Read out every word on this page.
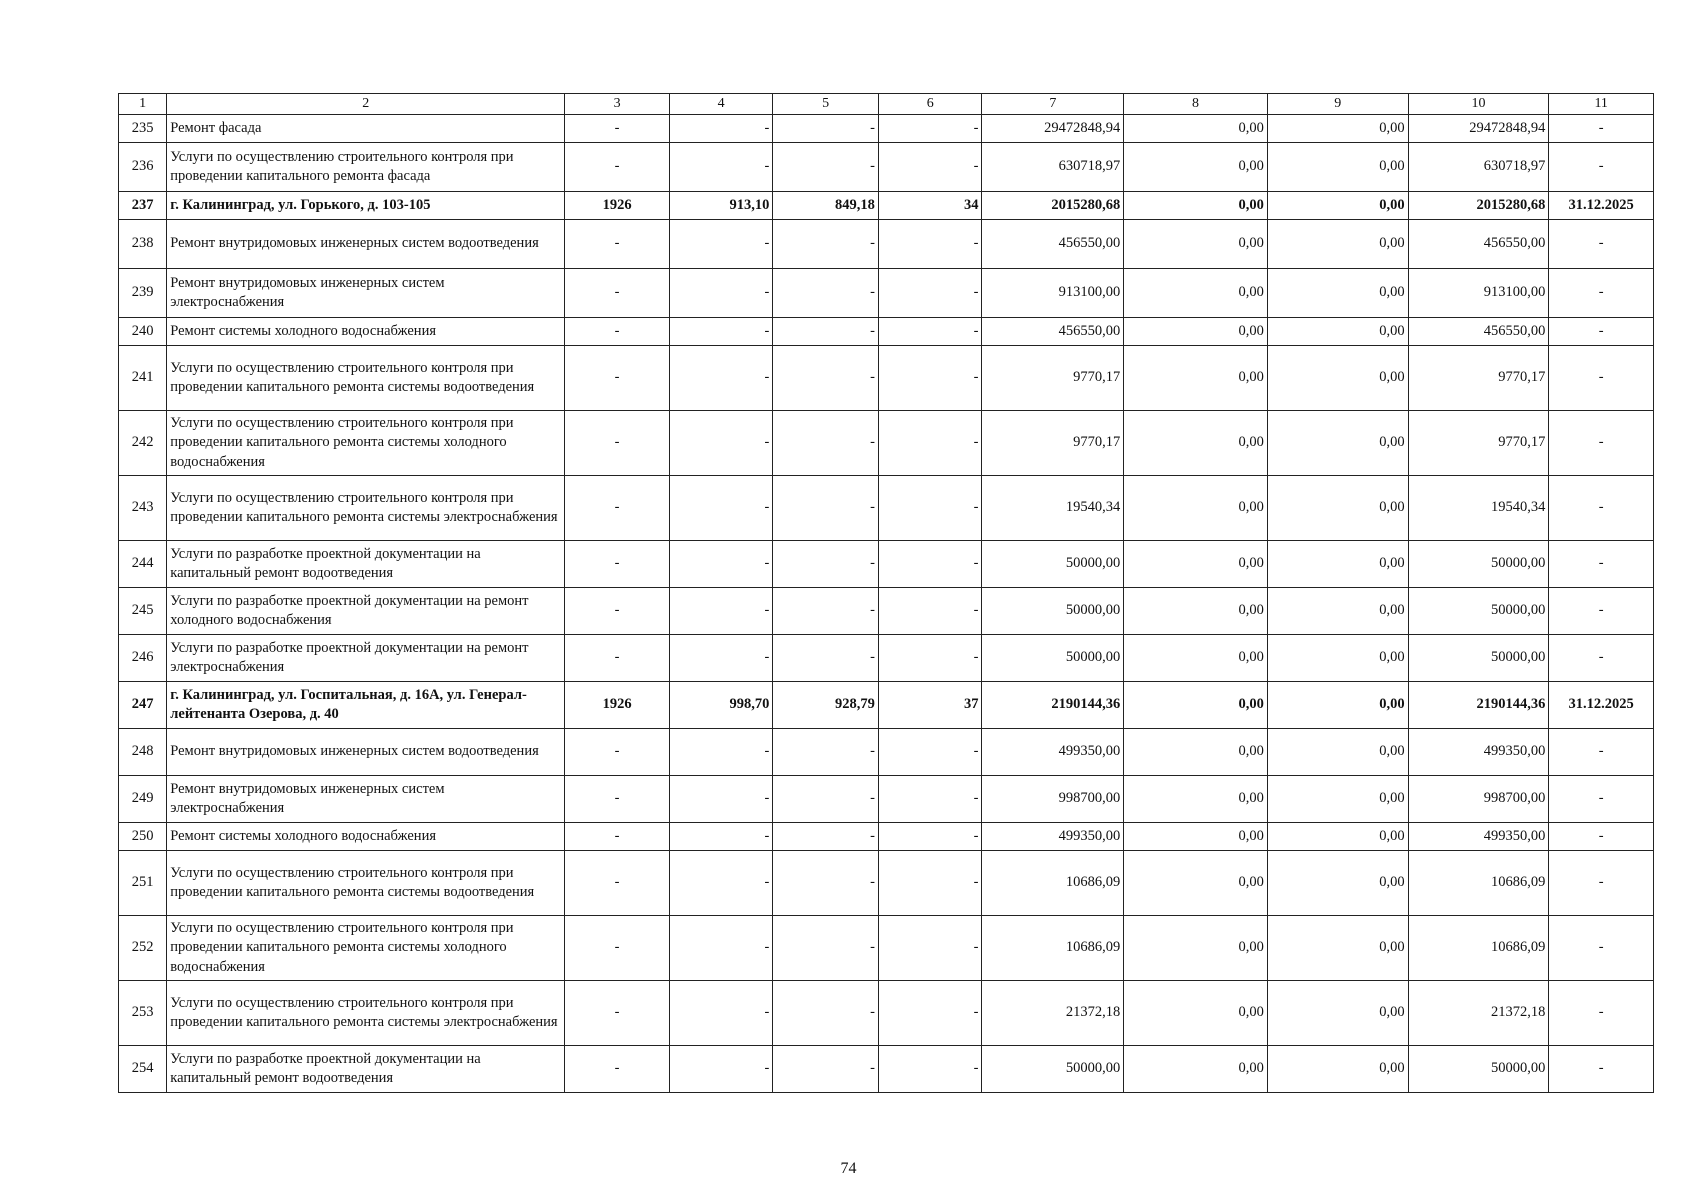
1	2	3	4	5	6	7	8	9	10	11
235	Ремонт фасада	-	-	-	-	29472848,94	0,00	0,00	29472848,94	-
236	Услуги по осуществлению строительного контроля при проведении капитального ремонта фасада	-	-	-	-	630718,97	0,00	0,00	630718,97	-
237	г. Калининград, ул. Горького, д. 103-105	1926	913,10	849,18	34	2015280,68	0,00	0,00	2015280,68	31.12.2025
238	Ремонт внутридомовых инженерных систем водоотведения	-	-	-	-	456550,00	0,00	0,00	456550,00	-
239	Ремонт внутридомовых инженерных систем электроснабжения	-	-	-	-	913100,00	0,00	0,00	913100,00	-
240	Ремонт системы холодного водоснабжения	-	-	-	-	456550,00	0,00	0,00	456550,00	-
241	Услуги по осуществлению строительного контроля при проведении капитального ремонта системы водоотведения	-	-	-	-	9770,17	0,00	0,00	9770,17	-
242	Услуги по осуществлению строительного контроля при проведении капитального ремонта системы холодного водоснабжения	-	-	-	-	9770,17	0,00	0,00	9770,17	-
243	Услуги по осуществлению строительного контроля при проведении капитального ремонта системы электроснабжения	-	-	-	-	19540,34	0,00	0,00	19540,34	-
244	Услуги по разработке проектной документации на капитальный ремонт водоотведения	-	-	-	-	50000,00	0,00	0,00	50000,00	-
245	Услуги по разработке проектной документации на ремонт холодного водоснабжения	-	-	-	-	50000,00	0,00	0,00	50000,00	-
246	Услуги по разработке проектной документации на ремонт электроснабжения	-	-	-	-	50000,00	0,00	0,00	50000,00	-
247	г. Калининград, ул. Госпитальная, д. 16А, ул. Генерал-лейтенанта Озерова, д. 40	1926	998,70	928,79	37	2190144,36	0,00	0,00	2190144,36	31.12.2025
248	Ремонт внутридомовых инженерных систем водоотведения	-	-	-	-	499350,00	0,00	0,00	499350,00	-
249	Ремонт внутридомовых инженерных систем электроснабжения	-	-	-	-	998700,00	0,00	0,00	998700,00	-
250	Ремонт системы холодного водоснабжения	-	-	-	-	499350,00	0,00	0,00	499350,00	-
251	Услуги по осуществлению строительного контроля при проведении капитального ремонта системы водоотведения	-	-	-	-	10686,09	0,00	0,00	10686,09	-
252	Услуги по осуществлению строительного контроля при проведении капитального ремонта системы холодного водоснабжения	-	-	-	-	10686,09	0,00	0,00	10686,09	-
253	Услуги по осуществлению строительного контроля при проведении капитального ремонта системы электроснабжения	-	-	-	-	21372,18	0,00	0,00	21372,18	-
254	Услуги по разработке проектной документации на капитальный ремонт водоотведения	-	-	-	-	50000,00	0,00	0,00	50000,00	-
74
